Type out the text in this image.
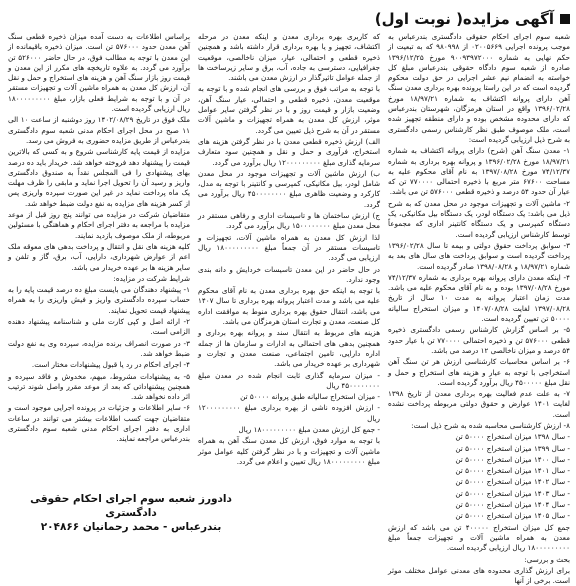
آگهی مزایده( نوبت اول)

شعبه سوم اجرای احکام حقوقی دادگستری بندرعباس به موجب پرونده اجرایی ۰۲۰۰۵۶۶۹ از ۹۸۰۹۹۸ که به تبعیت از حکم نهایی به شماره ۹۰۰۹۳۹۷۲۰۰۰ مورخ ۱۳۹۶/۱۲/۲۵ صادره از شعبه سوم دادگاه حقوقی بندرعباس مبلغ کل خواسته به انضمام نیم عشر اجرایی در حق دولت محکوم گردیده است که در این راستا پرونده بهره برداری معدن سنگ آهن دارای پروانه اکتشاف به شماره ۱۸/۹۷/۲۱ مورخ ۱۳۹۶/۰۲/۲۸ واقع در استان هرمزگان، شهرستان بندرعباس که دارای محدوده مشخص بوده و دارای منطقه تجهیز شده است، ملک موصوف طبق نظر کارشناس رسمی دادگستری به شرح ذیل ارزیابی گردیده است:

۱- معدن سنگ آهن (شرح) دارای پروانه اکتشاف به شماره ۱۸/۹۷/۲۱ مورخ ۱۳۹۶/۰۲/۲۸ و پروانه بهره برداری به شماره ۷۴/۱۲/۳۷ مورخ ۱۳۹۷/۰۸/۲۸ به نام آقای محکوم علیه به مساحت ۶۷۶۰۰ متر مربع با ذخیره احتمالی ۷۷۰۰۰۰ تن که عیار آن حدود ۵۴ درصد و ذخیره قطعی ۵۷۶۰۰۰ تن می باشد.

۲- ماشین آلات و تجهیزات موجود در محل معدن که به شرح ذیل می باشد: یک دستگاه لودر، یک دستگاه بیل مکانیکی، یک دستگاه کمپرسی و یک دستگاه کانتینر اداری که مجموعاً توسط کارشناس ارزیابی گردیده است.

۳- سوابق پرداخت حقوق دولتی و بیمه تا سال ۱۳۹۶/۰۲/۲۸ پرداخت گردیده است و سوابق پرداخت های سال های بعد به شماره ۱۸/۹۷/۲۱ و ۱۳۹۸/۰۸/۲۸ صادر گردیده است.

۴- اینکه معدن دارای پروانه بهره برداری به شماره ۷۴/۱۲/۳۷ مورخ ۱۳۹۷/۰۸/۲۸ بوده و به نام آقای محکوم علیه می باشد. مدت زمان اعتبار پروانه به مدت ۱۰ سال از تاریخ ۱۳۹۷/۰۸/۲۸ لغایت ۱۴۰۷/۰۸/۲۸ و میزان استخراج سالیانه ۵۰۰۰۰ تن تعیین گردیده است.

۵- بر اساس گزارش کارشناس رسمی دادگستری ذخیره قطعی ۵۷۶۰۰۰ تن و ذخیره احتمالی ۷۷۰۰۰۰ تن با عیار حدود ۵۴ درصد و میزان ناخالصی ۱۲ درصد می باشد.

۶- بر اساس محاسبات کارشناسی ارزش هر تن سنگ آهن استخراجی با توجه به عیار و هزینه های استخراج و حمل و نقل مبلغ ۴۵۰۰۰۰۰ ریال برآورد گردیده است.

۷- به علت عدم فعالیت بهره برداری معدن از تاریخ ۱۳۹۸ لغایت ۱۴۰۱ عوارض و حقوق دولتی مربوطه پرداخت نشده است.

۸- ارزش کارشناسی محاسبه شده به شرح ذیل است:

- سال ۱۳۹۸ میزان استخراج ۵۰۰۰۰ تن

- سال ۱۳۹۹ میزان استخراج ۵۰۰۰۰ تن

- سال ۱۴۰۰ میزان استخراج ۵۰۰۰۰ تن

- سال ۱۴۰۱ میزان استخراج ۵۰۰۰۰ تن

- سال ۱۴۰۲ میزان استخراج ۵۰۰۰۰ تن

- سال ۱۴۰۳ میزان استخراج ۵۰۰۰۰ تن

- سال ۱۴۰۴ میزان استخراج ۵۰۰۰۰ تن

- سال ۱۴۰۵ میزان استخراج ۵۰۰۰۰ تن

جمع کل میزان استخراج ۴۰۰۰۰۰ تن می باشد که ارزش معدن به همراه ماشین آلات و تجهیزات جمعاً مبلغ ۱۸۰۰۰۰۰۰۰۰۰ ریال ارزیابی گردیده است.

بحث و بررسی:

برای ارزش گذاری محدوده های معدنی عوامل مختلف موثر است. برخی از آنها

که کاربری بهره برداری معدن و اینکه معدن در مرحله اکتشاف، تجهیز و یا بهره برداری قرار داشته باشد و همچنین ذخیره قطعی و احتمالی، عیار، میزان ناخالصی، موقعیت جغرافیایی، دسترسی به جاده، آب، برق و سایر زیرساخت ها از جمله عوامل تاثیرگذار در ارزش معدن می باشند.

با توجه به مراتب فوق و بررسی های انجام شده و با توجه به موقعیت معدن، ذخیره قطعی و احتمالی، عیار سنگ آهن، وضعیت بازار و قیمت روز و با در نظر گرفتن سایر عوامل موثر، ارزش کل معدن به همراه تجهیزات و ماشین آلات مستقر در آن به شرح ذیل تعیین می گردد.

الف) ارزش ذخیره قطعی معدن با در نظر گرفتن هزینه های استخراج، فرآوری و حمل و نقل و همچنین سود متعارف سرمایه گذاری مبلغ ۱۲۰۰۰۰۰۰۰۰۰ ریال برآورد می گردد.

ب) ارزش ماشین آلات و تجهیزات موجود در محل معدن شامل لودر، بیل مکانیکی، کمپرسی و کانتینر با توجه به مدل، کارکرد و وضعیت ظاهری مبلغ ۴۵۰۰۰۰۰۰۰۰ ریال برآورد می گردد.

ج) ارزش ساختمان ها و تاسیسات اداری و رفاهی مستقر در محل معدن مبلغ ۱۵۰۰۰۰۰۰۰۰ ریال برآورد می گردد.

لذا ارزش کل معدن به همراه ماشین آلات، تجهیزات و تاسیسات مستقر در آن جمعاً مبلغ ۱۸۰۰۰۰۰۰۰۰۰ ریال ارزیابی می گردد.

در حال حاضر در این معدن تاسیسات خردایش و دانه بندی وجود ندارد.

با توجه به اینکه حق بهره برداری معدن به نام آقای محکوم علیه می باشد و مدت اعتبار پروانه بهره برداری تا سال ۱۴۰۷ می باشد، انتقال حقوق بهره برداری منوط به موافقت اداره کل صنعت، معدن و تجارت استان هرمزگان می باشد.

هزینه های مربوط به انتقال سند و پروانه بهره برداری و همچنین بدهی های احتمالی به ادارات و سازمان ها از جمله اداره دارایی، تامین اجتماعی، صنعت معدن و تجارت و شهرداری بر عهده خریدار می باشد.

- میزان سرمایه گذاری ثابت انجام شده در معدن مبلغ ۴۵۰۰۰۰۰۰۰۰ ریال

- میزان استخراج سالیانه طبق پروانه ۵۰۰۰۰ تن

- ارزش افزوده ناشی از بهره برداری مبلغ ۱۲۰۰۰۰۰۰۰۰۰ ریال

- جمع کل ارزش معدن مبلغ ۱۸۰۰۰۰۰۰۰۰۰ ریال

با توجه به موارد فوق، ارزش کل معدن سنگ آهن به همراه ماشین آلات و تجهیزات و با در نظر گرفتن کلیه عوامل موثر مبلغ ۱۸۰۰۰۰۰۰۰۰۰ ریال تعیین و اعلام می گردد.

براساس اطلاعات به دست آمده میزان ذخیره قطعی سنگ آهن معدن حدود ۵۷۶۰۰۰ تن است. میزان ذخیره باقیمانده از این معدن با توجه به مطالب فوق، در حال حاضر ۵۲۶۰۰۰ تن برآورد می گردد. به علاوه تاریخچه های مکرر از این معدن و قیمت روز بازار سنگ آهن و هزینه های استخراج و حمل و نقل آن، ارزش کل معدن به همراه ماشین آلات و تجهیزات مستقر در آن و با توجه به شرایط فعلی بازار، مبلغ ۱۸۰۰۰۰۰۰۰۰۰ ریال ارزیابی گردیده است.

ملک فوق در تاریخ ۱۴۰۲/۰۸/۲۹ روز دوشنبه از ساعت ۱۰ الی ۱۱ صبح در محل اجرای احکام مدنی شعبه سوم دادگستری بندرعباس از طریق مزایده حضوری به فروش می رسد.

مزایده از قیمت پایه کارشناسی شروع و به کسی که بالاترین قیمت را پیشنهاد دهد فروخته خواهد شد. خریدار باید ده درصد بهای پیشنهادی را فی المجلس نقداً به صندوق دادگستری واریز و رسید آن را تحویل اجرا نماید و مابقی را ظرف مهلت یک ماه پرداخت نماید در غیر این صورت سپرده واریزی پس از کسر هزینه های مزایده به نفع دولت ضبط خواهد شد.

متقاضیان شرکت در مزایده می توانند پنج روز قبل از موعد مزایده با مراجعه به دفتر اجرای احکام و هماهنگی با مسئولین مربوطه، از ملک موصوف بازدید نمایند.

کلیه هزینه های نقل و انتقال و پرداخت بدهی های معوقه ملک اعم از عوارض شهرداری، دارایی، آب، برق، گاز و تلفن و سایر هزینه ها بر عهده خریدار می باشد.

شرایط شرکت در مزایده:

۱- پیشنهاد دهندگان می بایست مبلغ ده درصد قیمت پایه را به حساب سپرده دادگستری واریز و فیش واریزی را به همراه پیشنهاد قیمت تحویل نمایند.

۲- ارائه اصل و کپی کارت ملی و شناسنامه پیشنهاد دهنده الزامی است.

۳- در صورت انصراف برنده مزایده، سپرده وی به نفع دولت ضبط خواهد شد.

۴- اجرای احکام در رد یا قبول پیشنهادات مختار است.

۵- به پیشنهادات مشروط، مبهم، مخدوش و فاقد سپرده و همچنین پیشنهاداتی که بعد از موعد مقرر واصل شوند ترتیب اثر داده نخواهد شد.

۶- سایر اطلاعات و جزئیات در پرونده اجرایی موجود است و متقاضیان جهت کسب اطلاعات بیشتر می توانند در ساعات اداری به دفتر اجرای احکام مدنی شعبه سوم دادگستری بندرعباس مراجعه نمایند.

دادورز شعبه سوم اجرای احکام حقوقی دادگستری
بندرعباس - محمد رحمانیان ۲۰۴۸۶۶
